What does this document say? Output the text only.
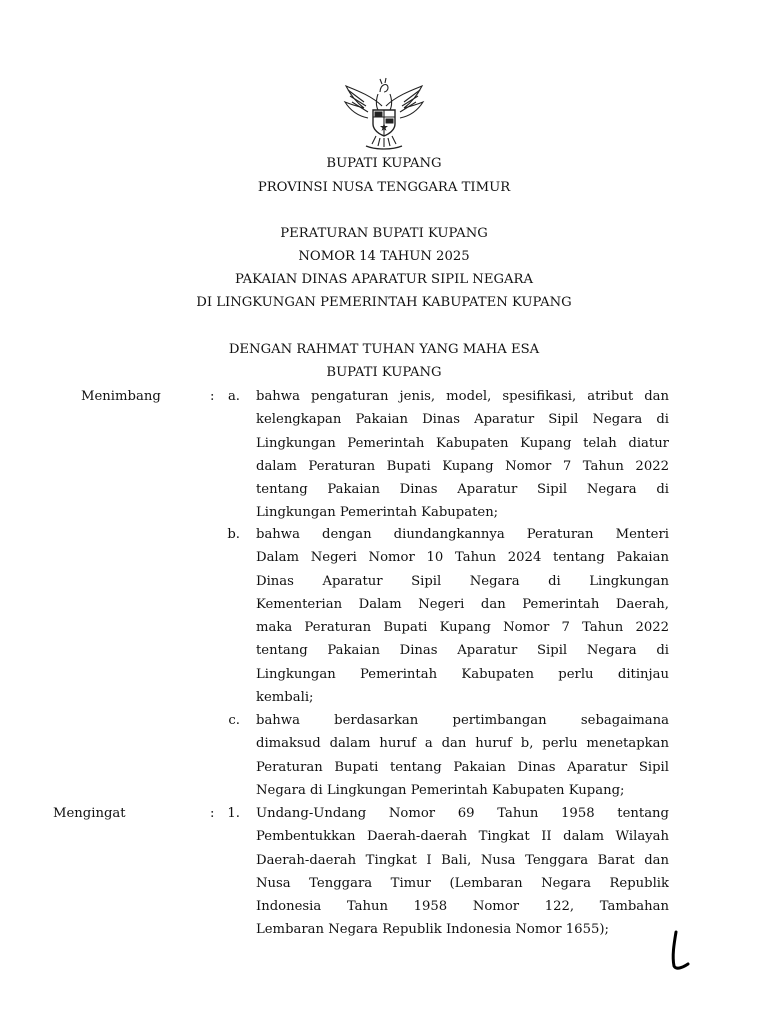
BUPATI KUPANG
PROVINSI NUSA TENGGARA TIMUR
PERATURAN BUPATI KUPANG
NOMOR 14 TAHUN 2025
PAKAIAN DINAS APARATUR SIPIL NEGARA
DI LINGKUNGAN PEMERINTAH KABUPATEN KUPANG
DENGAN RAHMAT TUHAN YANG MAHA ESA
BUPATI KUPANG
Menimbang	:	a. bahwa pengaturan jenis, model, spesifikasi, atribut dan
kelengkapan Pakaian Dinas Aparatur Sipil Negara di
Lingkungan Pemerintah Kabupaten Kupang telah diatur
dalam Peraturan Bupati Kupang Nomor 7 Tahun 2022
tentang Pakaian Dinas Aparatur Sipil Negara di
Lingkungan Pemerintah Kabupaten;
b. bahwa dengan diundangkannya Peraturan Menteri
Dalam Negeri Nomor 10 Tahun 2024 tentang Pakaian
Dinas Aparatur Sipil Negara di Lingkungan
Kementerian Dalam Negeri dan Pemerintah Daerah,
maka Peraturan Bupati Kupang Nomor 7 Tahun 2022
tentang Pakaian Dinas Aparatur Sipil Negara di
Lingkungan Pemerintah Kabupaten perlu ditinjau
kembali;
c. bahwa berdasarkan pertimbangan sebagaimana
dimaksud dalam huruf a dan huruf b, perlu menetapkan
Peraturan Bupati tentang Pakaian Dinas Aparatur Sipil
Negara di Lingkungan Pemerintah Kabupaten Kupang;
Mengingat	: 1. Undang-Undang Nomor 69 Tahun 1958 tentang
Pembentukkan Daerah-daerah Tingkat II dalam Wilayah
Daerah-daerah Tingkat I Bali, Nusa Tenggara Barat dan
Nusa Tenggara Timur (Lembaran Negara Republik
Indonesia Tahun 1958 Nomor 122, Tambahan
Lembaran Negara Republik Indonesia Nomor 1655);
